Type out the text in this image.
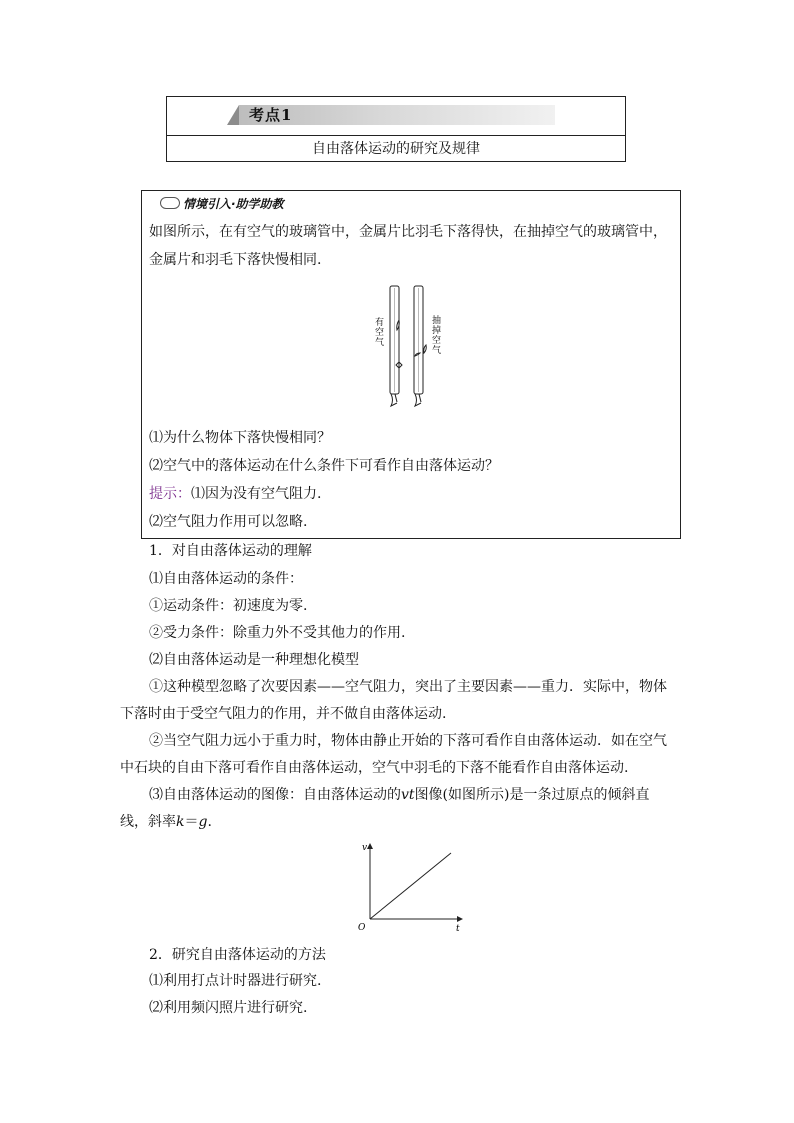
考点1
自由落体运动的研究及规律
情境引入·助学助教
如图所示，在有空气的玻璃管中，金属片比羽毛下落得快，在抽掉空气的玻璃管中，
金属片和羽毛下落快慢相同.
有
空
气
抽
掉
空
气
⑴为什么物体下落快慢相同？
⑵空气中的落体运动在什么条件下可看作自由落体运动？
提示：⑴因为没有空气阻力.
⑵空气阻力作用可以忽略.
1．对自由落体运动的理解
⑴自由落体运动的条件：
①运动条件：初速度为零.
②受力条件：除重力外不受其他力的作用.
⑵自由落体运动是一种理想化模型
①这种模型忽略了次要因素——空气阻力，突出了主要因素——重力．实际中，物体
下落时由于受空气阻力的作用，并不做自由落体运动.
②当空气阻力远小于重力时，物体由静止开始的下落可看作自由落体运动．如在空气
中石块的自由下落可看作自由落体运动，空气中羽毛的下落不能看作自由落体运动.
⑶自由落体运动的图像：自由落体运动的vt图像(如图所示)是一条过原点的倾斜直
线，斜率k＝g.
v
t
O
2．研究自由落体运动的方法
⑴利用打点计时器进行研究.
⑵利用频闪照片进行研究.
